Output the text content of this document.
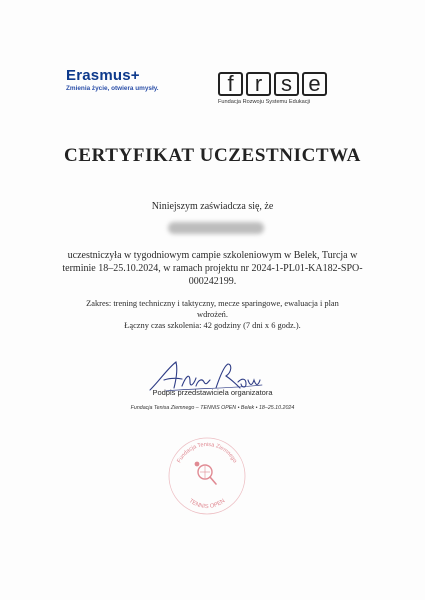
Erasmus+
Zmienia życie, otwiera umysły.	f r s e
Fundacja Rozwoju Systemu Edukacji
CERTYFIKAT UCZESTNICTWA
Niniejszym zaświadcza się, że
uczestniczyła w tygodniowym campie szkoleniowym w Belek, Turcja w terminie 18–25.10.2024, w ramach projektu nr 2024-1-PL01-KA182-SPO-000242199.
Zakres: trening techniczny i taktyczny, mecze sparingowe, ewaluacja i plan wdrożeń.
Łączny czas szkolenia: 42 godziny (7 dni x 6 godz.).
Podpis przedstawiciela organizatora
Fundacja Tenisa Ziemnego – TENNIS OPEN • Belek • 18–25.10.2024
Fundacja Tenisa Ziemnego
TENNIS OPEN
